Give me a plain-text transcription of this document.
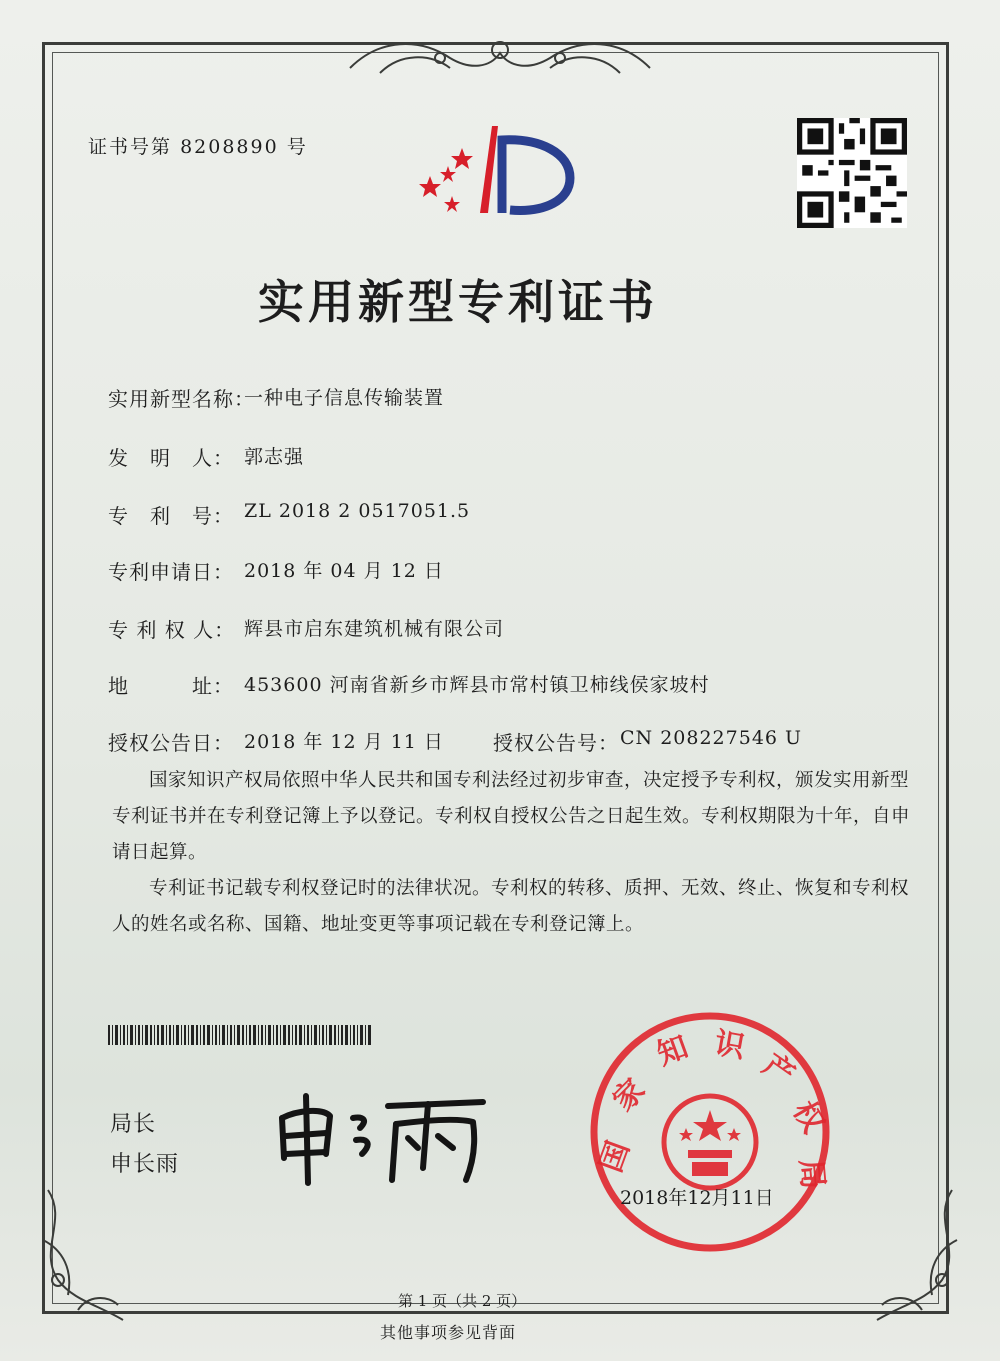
证书号第 8208890 号
实用新型专利证书
实用新型名称：
一种电子信息传输装置
发　明　人： 郭志强
专　利　号： ZL 2018 2 0517051.5
专利申请日： 2018 年 04 月 12 日
专 利 权 人： 辉县市启东建筑机械有限公司
地　　　址： 453600 河南省新乡市辉县市常村镇卫柿线侯家坡村
授权公告日： 2018 年 12 月 11 日 授权公告号： CN 208227546 U
国家知识产权局依照中华人民共和国专利法经过初步审查，决定授予专利权，颁发实用新型专利证书并在专利登记簿上予以登记。专利权自授权公告之日起生效。专利权期限为十年，自申请日起算。
专利证书记载专利权登记时的法律状况。专利权的转移、质押、无效、终止、恢复和专利权人的姓名或名称、国籍、地址变更等事项记载在专利登记簿上。
局长
申长雨	国
家
知 识
产
权
局
2018年12月11日
第 1 页（共 2 页）
其他事项参见背面
